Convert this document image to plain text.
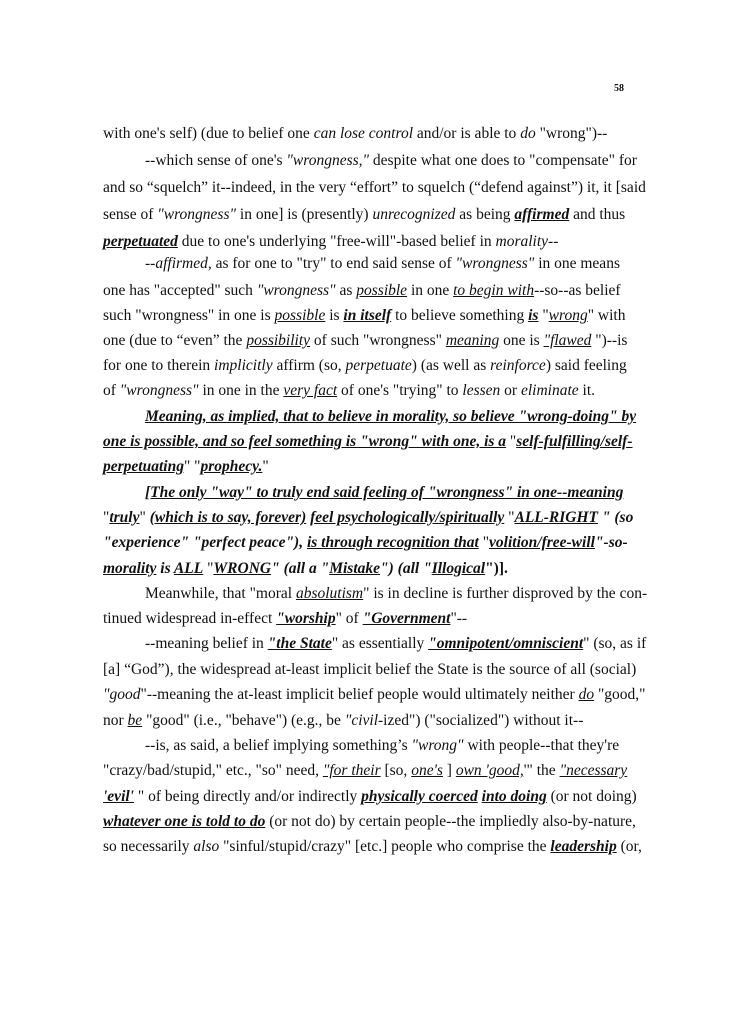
58
with one's self) (due to belief one can lose control and/or is able to do "wrong")--
--which sense of one's "wrongness," despite what one does to "compensate" for
and so “squelch” it--indeed, in the very “effort” to squelch (“defend against”) it, it [said
sense of "wrongness" in one] is (presently) unrecognized as being affirmed and thus
perpetuated due to one's underlying "free-will"-based belief in morality--
--affirmed, as for one to "try" to end said sense of "wrongness" in one means
one has "accepted" such "wrongness" as possible in one to begin with--so--as belief
such "wrongness" in one is possible is in itself to believe something is "wrong" with
one (due to “even” the possibility of such "wrongness" meaning one is "flawed ")--is
for one to therein implicitly affirm (so, perpetuate) (as well as reinforce) said feeling
of "wrongness" in one in the very fact of one's "trying" to lessen or eliminate it.
Meaning, as implied, that to believe in morality, so believe "wrong-doing" by
one is possible, and so feel something is "wrong" with one, is a "self-fulfilling/self-
perpetuating" "prophecy."
[The only "way" to truly end said feeling of "wrongness" in one--meaning
"truly" (which is to say, forever) feel psychologically/spiritually "ALL-RIGHT " (so
"experience" "perfect peace"), is through recognition that "volition/free-will"-so-
morality is ALL "WRONG" (all a "Mistake") (all "Illogical")].
Meanwhile, that "moral absolutism" is in decline is further disproved by the con-
tinued widespread in-effect "worship" of "Government"--
--meaning belief in "the State" as essentially "omnipotent/omniscient" (so, as if
[a] “God”), the widespread at-least implicit belief the State is the source of all (social)
"good"--meaning the at-least implicit belief people would ultimately neither do "good,"
nor be "good" (i.e., "behave") (e.g., be "civil-ized") ("socialized") without it--
--is, as said, a belief implying something’s "wrong" with people--that they're
"crazy/bad/stupid," etc., "so" need, "for their [so, one's ] own 'good,'" the "necessary
'evil' " of being directly and/or indirectly physically coerced into doing (or not doing)
whatever one is told to do (or not do) by certain people--the impliedly also-by-nature,
so necessarily also "sinful/stupid/crazy" [etc.] people who comprise the leadership (or,
